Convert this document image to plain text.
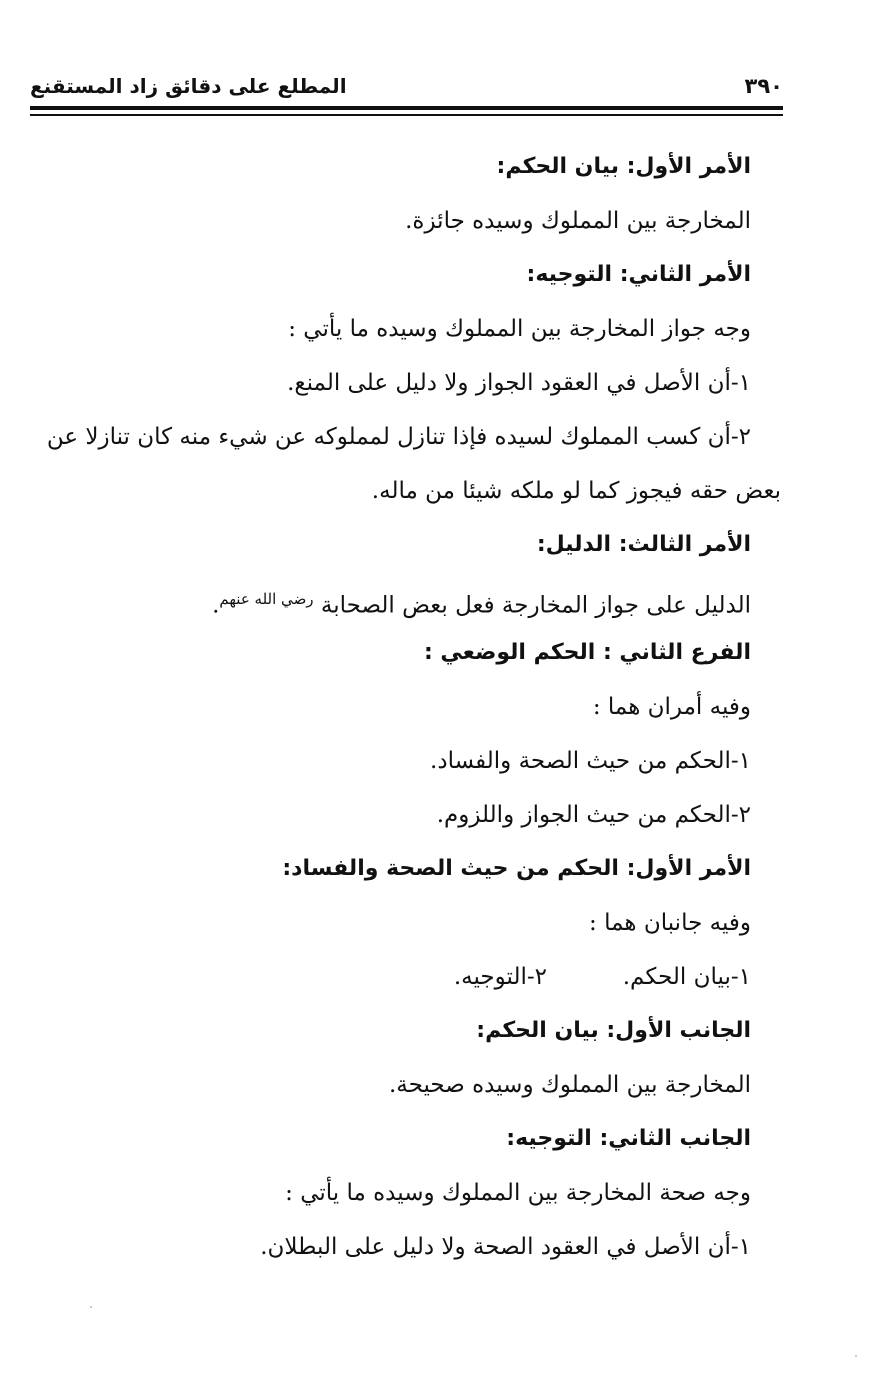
٣٩٠
المطلع على دقائق زاد المستقنع
الأمر الأول: بيان الحكم:
المخارجة بين المملوك وسيده جائزة.
الأمر الثاني: التوجيه:
وجه جواز المخارجة بين المملوك وسيده ما يأتي :
١-أن الأصل في العقود الجواز ولا دليل على المنع.
٢-أن كسب المملوك لسيده فإذا تنازل لمملوكه عن شيء منه كان تنازلا عن
بعض حقه فيجوز كما لو ملكه شيئا من ماله.
الأمر الثالث: الدليل:
الدليل على جواز المخارجة فعل بعض الصحابة $^{رضي الله عنهم}$.
الفرع الثاني : الحكم الوضعي :
وفيه أمران هما :
١-الحكم من حيث الصحة والفساد.
٢-الحكم من حيث الجواز واللزوم.
الأمر الأول: الحكم من حيث الصحة والفساد:
وفيه جانبان هما :
١-بيان الحكم.
٢-التوجيه.
الجانب الأول: بيان الحكم:
المخارجة بين المملوك وسيده صحيحة.
الجانب الثاني: التوجيه:
وجه صحة المخارجة بين المملوك وسيده ما يأتي :
١-أن الأصل في العقود الصحة ولا دليل على البطلان.
